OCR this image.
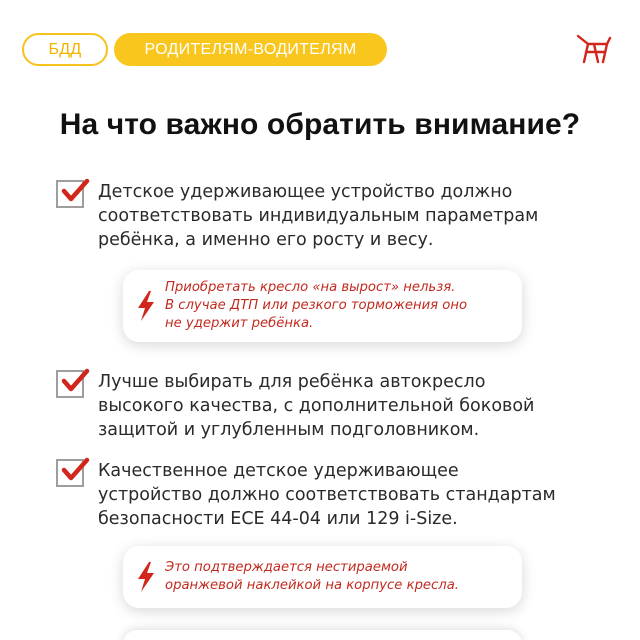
БДД	РОДИТЕЛЯМ-ВОДИТЕЛЯМ
На что важно обратить внимание?
Детское удерживающее устройство должно
соответствовать индивидуальным параметрам
ребёнка, а именно его росту и весу.
Приобретать кресло «на вырост» нельзя.
В случае ДТП или резкого торможения оно
не удержит ребёнка.
Лучше выбирать для ребёнка автокресло
высокого качества, с дополнительной боковой
защитой и углубленным подголовником.
Качественное детское удерживающее
устройство должно соответствовать стандартам
безопасности ECE 44-04 или 129 i-Size.
Это подтверждается нестираемой
оранжевой наклейкой на корпусе кресла.
